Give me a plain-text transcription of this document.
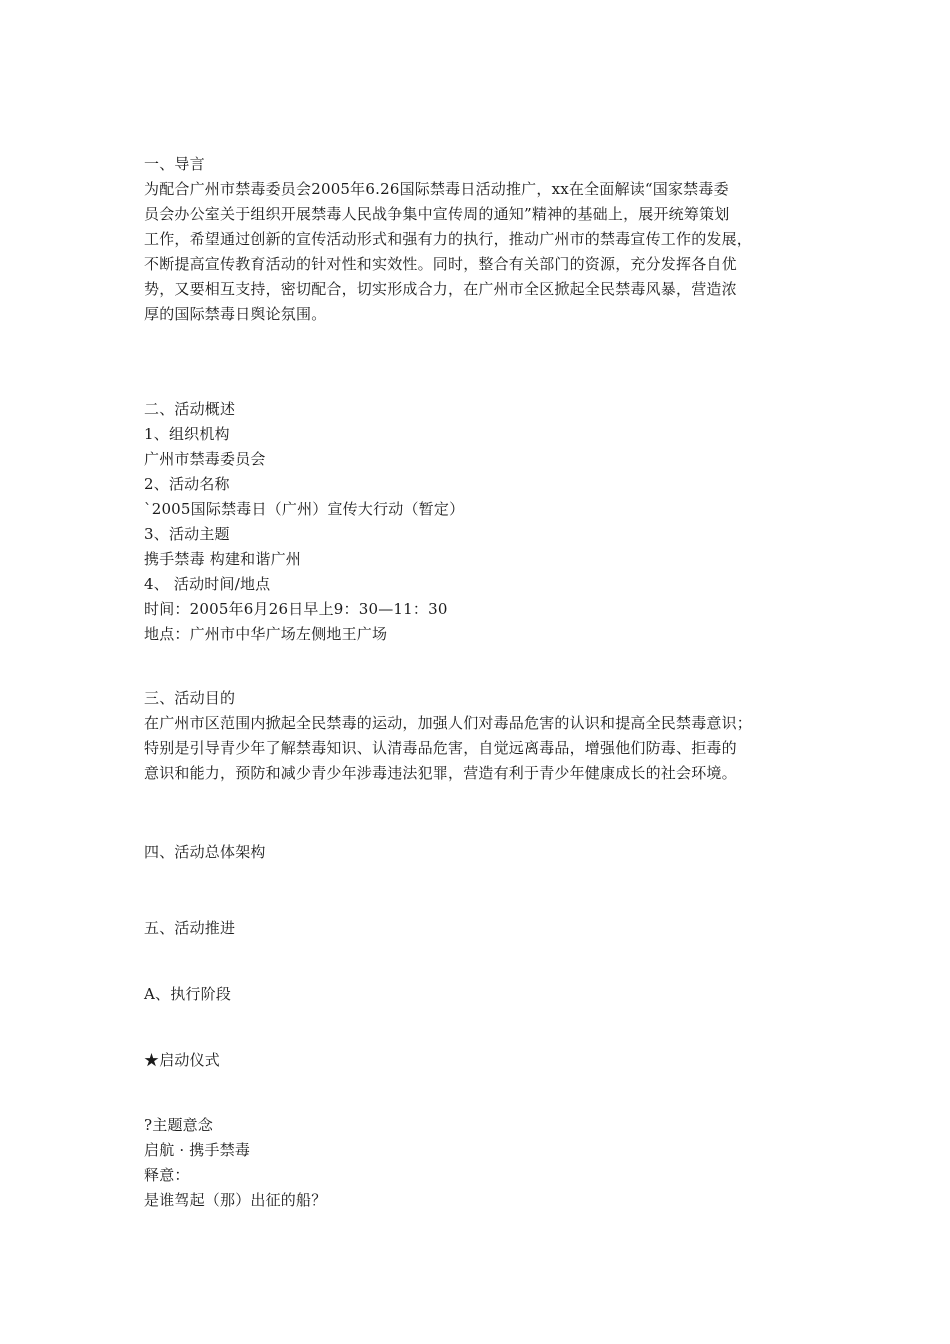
一、导言
为配合广州市禁毒委员会2005年6.26国际禁毒日活动推广，xx在全面解读“国家禁毒委
员会办公室关于组织开展禁毒人民战争集中宣传周的通知”精神的基础上，展开统筹策划
工作，希望通过创新的宣传活动形式和强有力的执行，推动广州市的禁毒宣传工作的发展，
不断提高宣传教育活动的针对性和实效性。同时，整合有关部门的资源，充分发挥各自优
势，又要相互支持，密切配合，切实形成合力，在广州市全区掀起全民禁毒风暴，营造浓
厚的国际禁毒日舆论氛围。
二、活动概述
1、组织机构
广州市禁毒委员会
2、活动名称
`2005国际禁毒日（广州）宣传大行动（暂定）
3、活动主题
携手禁毒 构建和谐广州
4、 活动时间/地点
时间：2005年6月26日早上9：30—11：30
地点：广州市中华广场左侧地王广场
三、活动目的
在广州市区范围内掀起全民禁毒的运动，加强人们对毒品危害的认识和提高全民禁毒意识；
特别是引导青少年了解禁毒知识、认清毒品危害，自觉远离毒品，增强他们防毒、拒毒的
意识和能力，预防和减少青少年涉毒违法犯罪，营造有利于青少年健康成长的社会环境。
四、活动总体架构
五、活动推进
A、执行阶段
★启动仪式
?主题意念
启航 · 携手禁毒
释意：
是谁驾起（那）出征的船？
